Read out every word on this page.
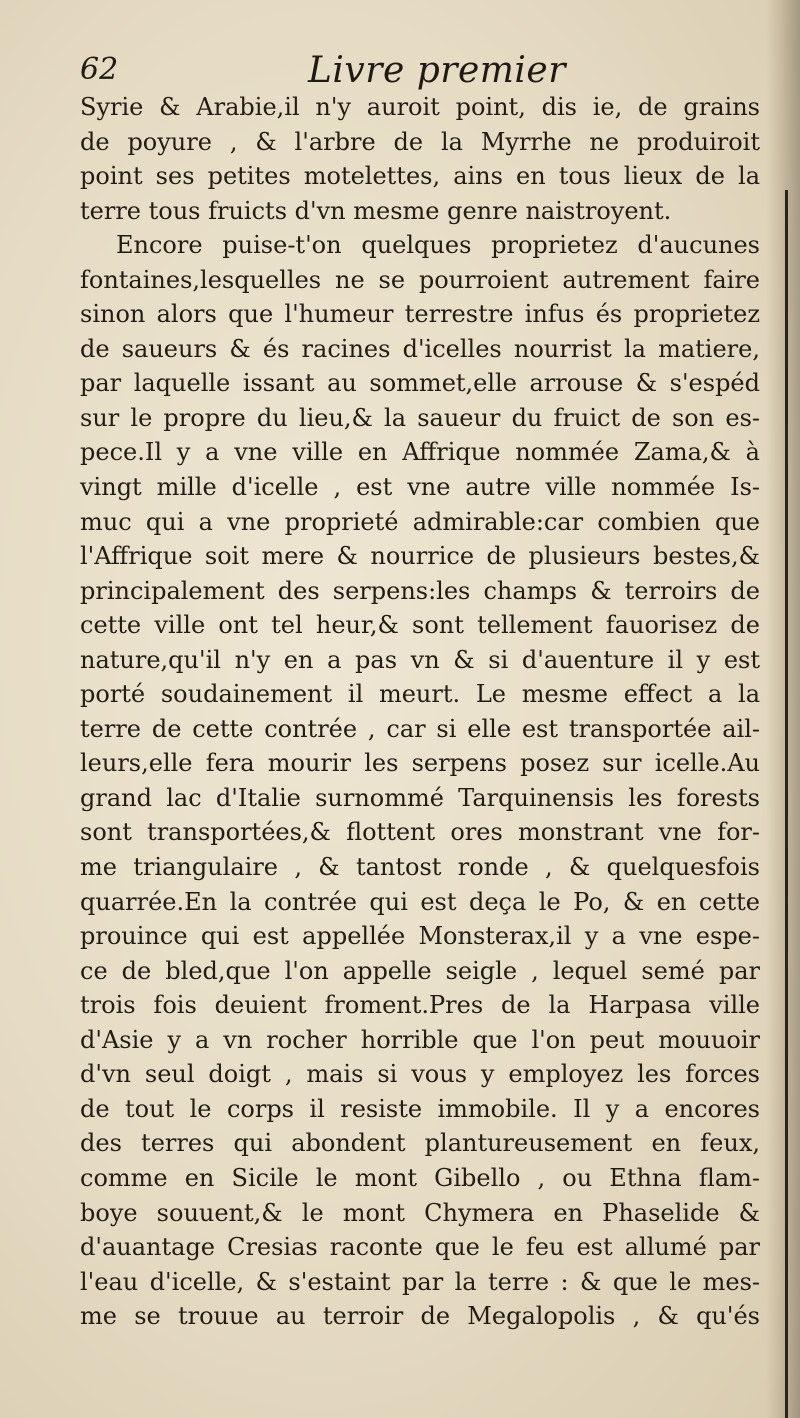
62	Livre premier
Syrie & Arabie,il n'y auroit point, dis ie, de grains
de poyure , & l'arbre de la Myrrhe ne produiroit
point ses petites motelettes, ains en tous lieux de la
terre tous fruicts d'vn mesme genre naistroyent.
Encore puise-t'on quelques proprietez d'aucunes
fontaines,lesquelles ne se pourroient autrement faire
sinon alors que l'humeur terrestre infus és proprietez
de saueurs & és racines d'icelles nourrist la matiere,
par laquelle issant au sommet,elle arrouse & s'espéd
sur le propre du lieu,& la saueur du fruict de son es-
pece.Il y a vne ville en Affrique nommée Zama,& à
vingt mille d'icelle , est vne autre ville nommée Is-
muc qui a vne proprieté admirable:car combien que
l'Affrique soit mere & nourrice de plusieurs bestes,&
principalement des serpens:les champs & terroirs de
cette ville ont tel heur,& sont tellement fauorisez de
nature,qu'il n'y en a pas vn & si d'auenture il y est
porté soudainement il meurt. Le mesme effect a la
terre de cette contrée , car si elle est transportée ail-
leurs,elle fera mourir les serpens posez sur icelle.Au
grand lac d'Italie surnommé Tarquinensis les forests
sont transportées,& flottent ores monstrant vne for-
me triangulaire , & tantost ronde , & quelquesfois
quarrée.En la contrée qui est deça le Po, & en cette
prouince qui est appellée Monsterax,il y a vne espe-
ce de bled,que l'on appelle seigle , lequel semé par
trois fois deuient froment.Pres de la Harpasa ville
d'Asie y a vn rocher horrible que l'on peut mouuoir
d'vn seul doigt , mais si vous y employez les forces
de tout le corps il resiste immobile. Il y a encores
des terres qui abondent plantureusement en feux,
comme en Sicile le mont Gibello , ou Ethna flam-
boye souuent,& le mont Chymera en Phaselide &
d'auantage Cresias raconte que le feu est allumé par
l'eau d'icelle, & s'estaint par la terre : & que le mes-
me se trouue au terroir de Megalopolis , & qu'és
